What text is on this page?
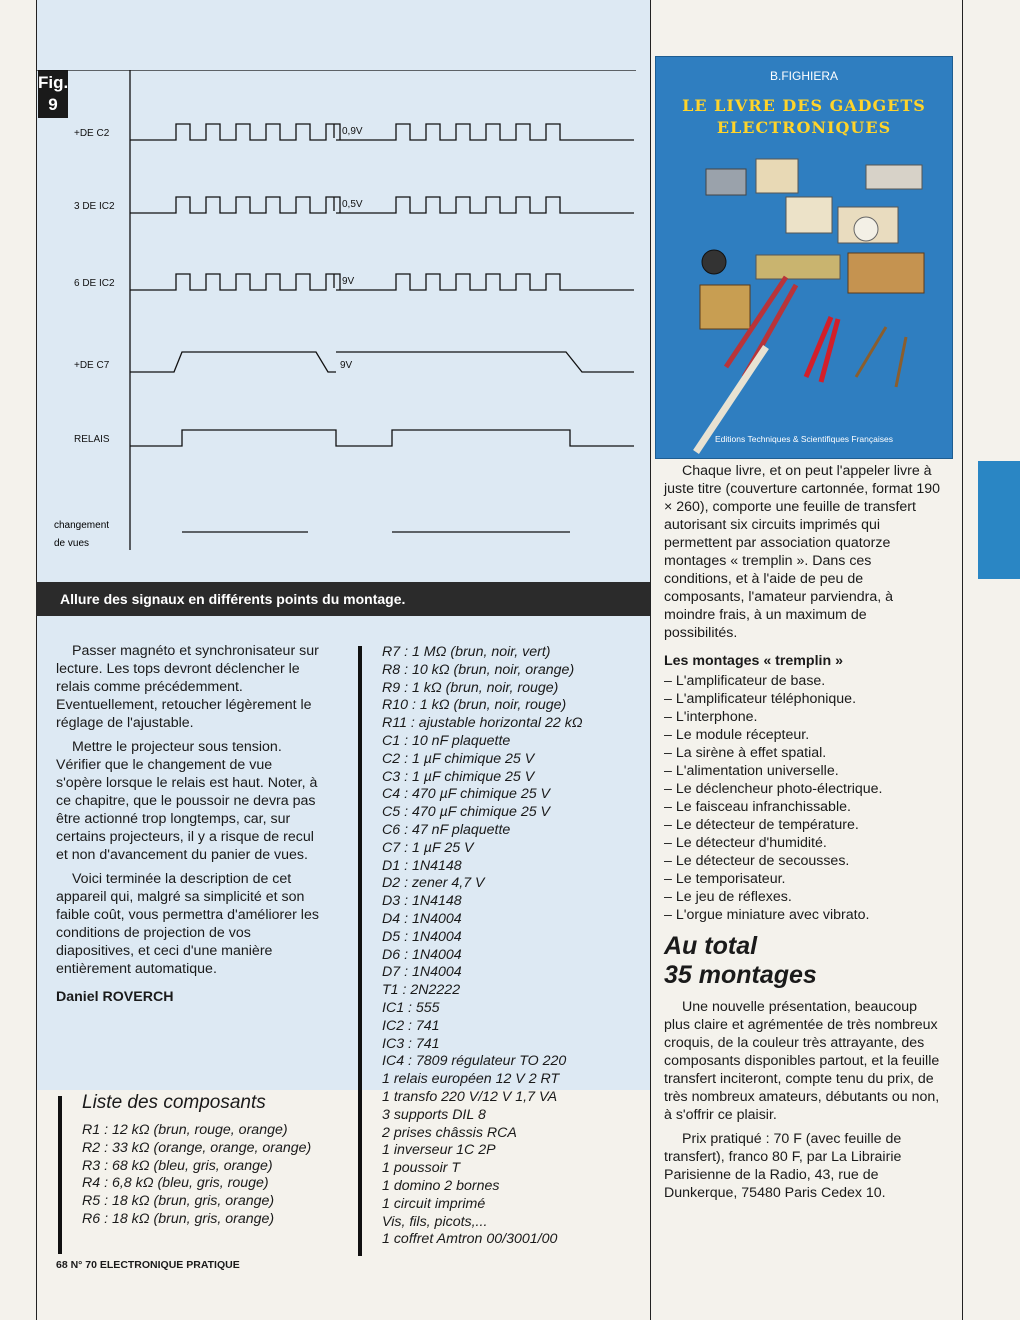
Fig.
9
+DE C2	0,9V
3 DE IC2	0,5V
6 DE IC2	9V
+DE C7	9V
RELAIS
changement
de vues
Allure des signaux en différents points du montage.

Passer magnéto et synchronisateur sur lecture. Les tops devront déclencher le relais comme précédemment. Eventuellement, retoucher légèrement le réglage de l'ajustable.

Mettre le projecteur sous tension. Vérifier que le changement de vue s'opère lorsque le relais est haut. Noter, à ce chapitre, que le poussoir ne devra pas être actionné trop longtemps, car, sur certains projecteurs, il y a risque de recul et non d'avancement du panier de vues.

Voici terminée la description de cet appareil qui, malgré sa simplicité et son faible coût, vous permettra d'améliorer les conditions de projection de vos diapositives, et ceci d'une manière entièrement automatique.

Daniel ROVERCH

Liste des composants
R1 : 12 kΩ (brun, rouge, orange)
R2 : 33 kΩ (orange, orange, orange)
R3 : 68 kΩ (bleu, gris, orange)
R4 : 6,8 kΩ (bleu, gris, rouge)
R5 : 18 kΩ (brun, gris, orange)
R6 : 18 kΩ (brun, gris, orange)
R7 : 1 MΩ (brun, noir, vert)
R8 : 10 kΩ (brun, noir, orange)
R9 : 1 kΩ (brun, noir, rouge)
R10 : 1 kΩ (brun, noir, rouge)
R11 : ajustable horizontal 22 kΩ
C1 : 10 nF plaquette
C2 : 1 µF chimique 25 V
C3 : 1 µF chimique 25 V
C4 : 470 µF chimique 25 V
C5 : 470 µF chimique 25 V
C6 : 47 nF plaquette
C7 : 1 µF 25 V
D1 : 1N4148
D2 : zener 4,7 V
D3 : 1N4148
D4 : 1N4004
D5 : 1N4004
D6 : 1N4004
D7 : 1N4004
T1 : 2N2222
IC1 : 555
IC2 : 741
IC3 : 741
IC4 : 7809 régulateur TO 220
1 relais européen 12 V 2 RT
1 transfo 220 V/12 V 1,7 VA
3 supports DIL 8
2 prises châssis RCA
1 inverseur 1C 2P
1 poussoir T
1 domino 2 bornes
1 circuit imprimé
Vis, fils, picots,...
1 coffret Amtron 00/3001/00
68 N° 70 ELECTRONIQUE PRATIQUE
B.FIGHIERA
LE LIVRE DES GADGETS
ELECTRONIQUES
Editions Techniques & Scientifiques Françaises

Chaque livre, et on peut l'appeler livre à juste titre (couverture cartonnée, format 190 × 260), comporte une feuille de transfert autorisant six circuits imprimés qui permettent par association quatorze montages « tremplin ». Dans ces conditions, et à l'aide de peu de composants, l'amateur parviendra, à moindre frais, à un maximum de possibilités.

Les montages « tremplin »
– L'amplificateur de base.
– L'amplificateur téléphonique.
– L'interphone.
– Le module récepteur.
– La sirène à effet spatial.
– L'alimentation universelle.
– Le déclencheur photo-électrique.
– Le faisceau infranchissable.
– Le détecteur de température.
– Le détecteur d'humidité.
– Le détecteur de secousses.
– Le temporisateur.
– Le jeu de réflexes.
– L'orgue miniature avec vibrato.
Au total
35 montages

Une nouvelle présentation, beaucoup plus claire et agrémentée de très nombreux croquis, de la couleur très attrayante, des composants disponibles partout, et la feuille transfert inciteront, compte tenu du prix, de très nombreux amateurs, débutants ou non, à s'offrir ce plaisir.

Prix pratiqué : 70 F (avec feuille de transfert), franco 80 F, par La Librairie Parisienne de la Radio, 43, rue de Dunkerque, 75480 Paris Cedex 10.
